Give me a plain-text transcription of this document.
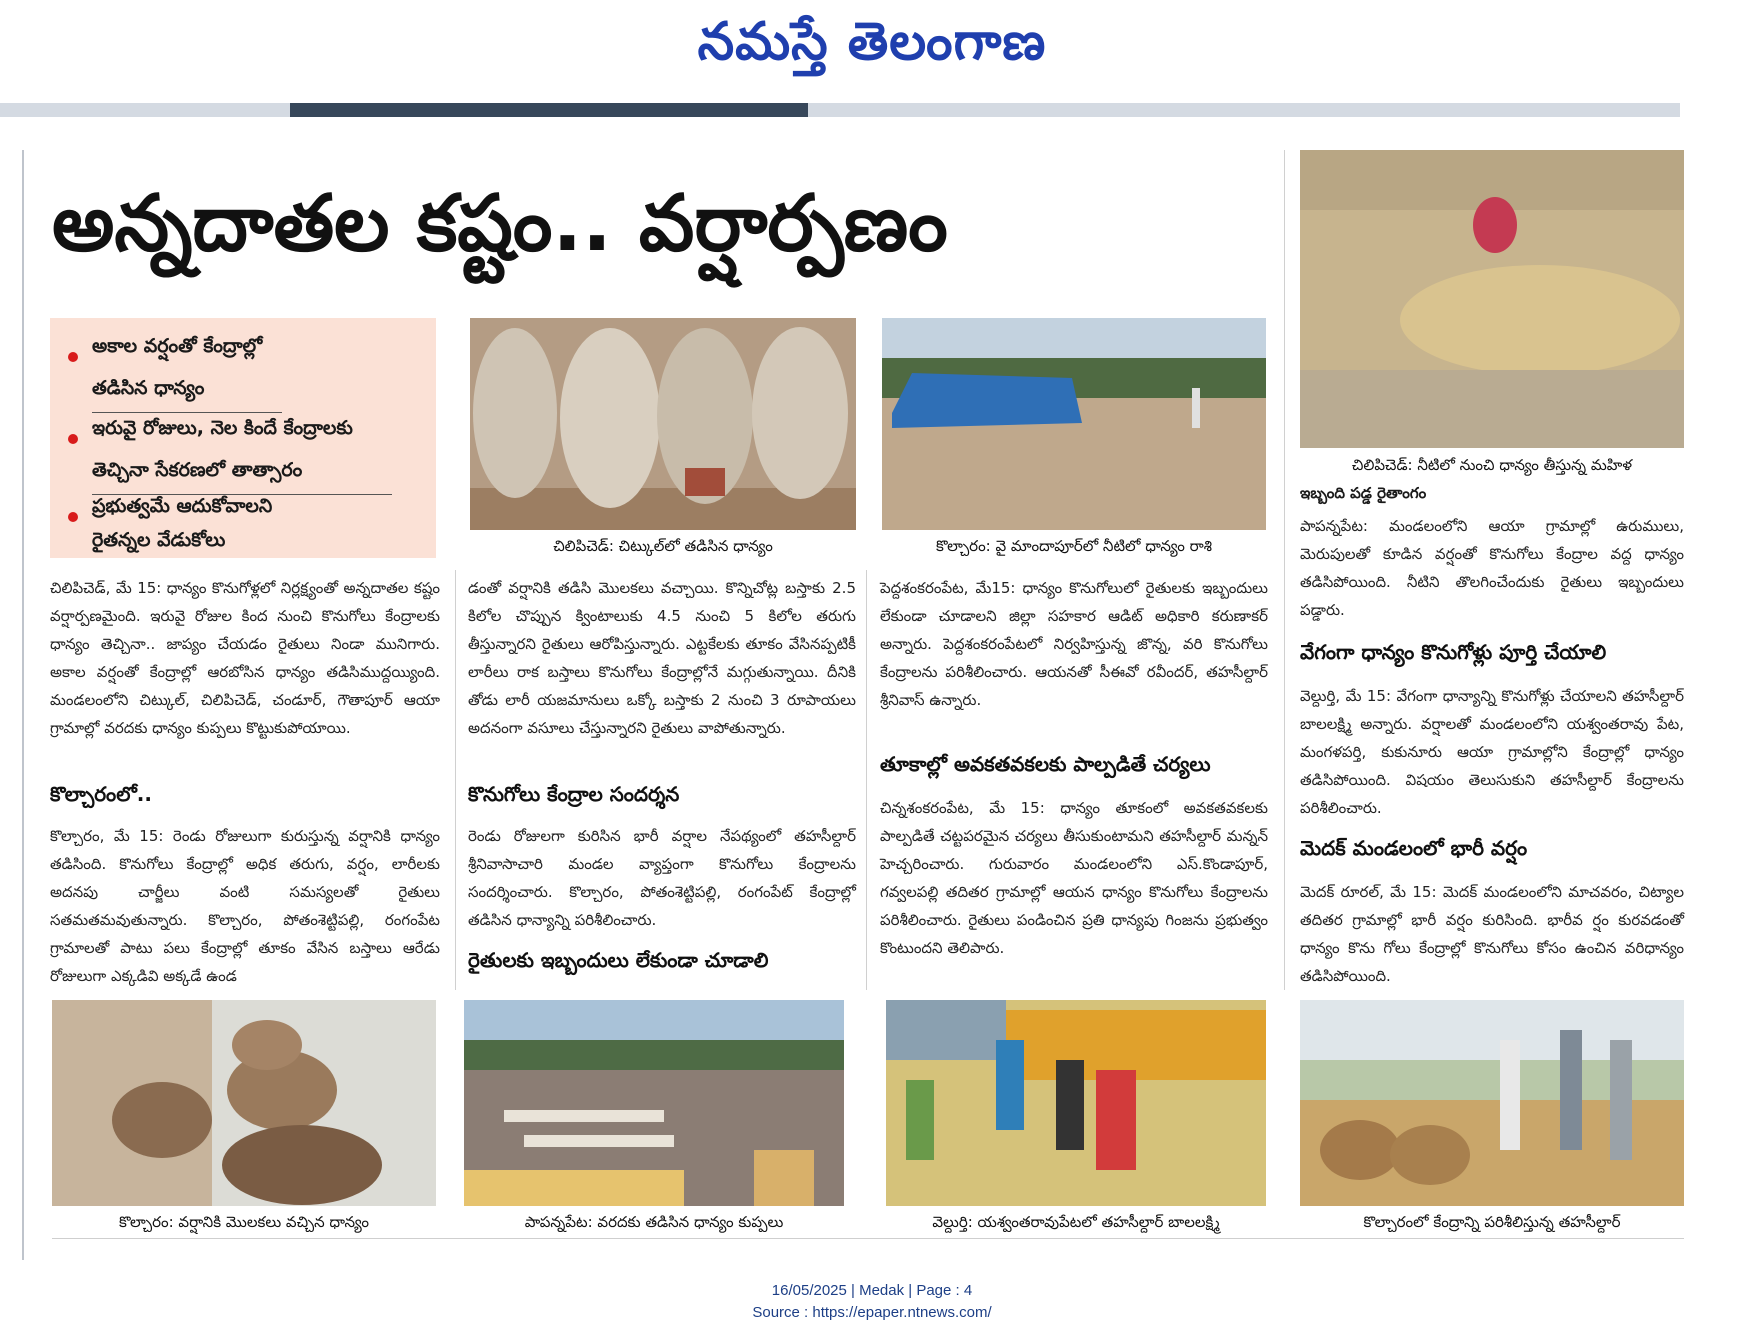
నమస్తే తెలంగాణ
అన్నదాతల కష్టం.. వర్షార్పణం
అకాల వర్షంతో కేంద్రాల్లో
తడిసిన ధాన్యం
ఇరువై రోజులు, నెల కిందే కేంద్రాలకు
తెచ్చినా సేకరణలో తాత్సారం
ప్రభుత్వమే ఆదుకోవాలని
రైతన్నల వేడుకోలు	చిలిపిచెడ్: చిట్కుల్‌లో తడిసిన ధాన్యం	కొల్చారం: వై మాందాపూర్‌లో నీటిలో ధాన్యం రాశి
చిలిపిచెడ్: నీటిలో నుంచి ధాన్యం తీస్తున్న మహిళ
చిలిపిచెడ్, మే 15: ధాన్యం కొనుగోళ్లలో నిర్లక్ష్యంతో అన్నదాతల కష్టం వర్షార్పణమైంది. ఇరువై రోజుల కింద నుంచి కొనుగోలు కేంద్రాలకు ధాన్యం తెచ్చినా.. జాప్యం చేయడం రైతులు నిండా మునిగారు. అకాల వర్షంతో కేంద్రాల్లో ఆరబోసిన ధాన్యం తడిసిముద్దయ్యింది. మండలంలోని చిట్కుల్, చిలిపిచెడ్, చండూర్, గౌతాపూర్ ఆయా గ్రామాల్లో వరదకు ధాన్యం కుప్పలు కొట్టుకుపోయాయి.
కొల్చారంలో..
కొల్చారం, మే 15: రెండు రోజులుగా కురుస్తున్న వర్షానికి ధాన్యం తడిసింది. కొనుగోలు కేంద్రాల్లో అధిక తరుగు, వర్షం, లారీలకు అదనపు చార్జీలు వంటి సమస్యలతో రైతులు సతమతమవుతున్నారు. కొల్చారం, పోతంశెట్టిపల్లి, రంగంపేట గ్రామాలతో పాటు పలు కేంద్రాల్లో తూకం వేసిన బస్తాలు ఆరేడు రోజులుగా ఎక్కడివి అక్కడే ఉండ
డంతో వర్షానికి తడిసి మొలకలు వచ్చాయి. కొన్నిచోట్ల బస్తాకు 2.5 కిలోల చొప్పున క్వింటాలుకు 4.5 నుంచి 5 కిలోల తరుగు తీస్తున్నారని రైతులు ఆరోపిస్తున్నారు. ఎట్టకేలకు తూకం వేసినప్పటికీ లారీలు రాక బస్తాలు కొనుగోలు కేంద్రాల్లోనే మగ్గుతున్నాయి. దీనికి తోడు లారీ యజమానులు ఒక్కో బస్తాకు 2 నుంచి 3 రూపాయలు అదనంగా వసూలు చేస్తున్నారని రైతులు వాపోతున్నారు.
కొనుగోలు కేంద్రాల సందర్శన
రెండు రోజులగా కురిసిన భారీ వర్షాల నేపథ్యంలో తహసీల్దార్ శ్రీనివాసాచారి మండల వ్యాప్తంగా కొనుగోలు కేంద్రాలను సందర్శించారు. కొల్చారం, పోతంశెట్టిపల్లి, రంగంపేట్ కేంద్రాల్లో తడిసిన ధాన్యాన్ని పరిశీలించారు.
రైతులకు ఇబ్బందులు లేకుండా చూడాలి
పెద్దశంకరంపేట, మే15: ధాన్యం కొనుగోలులో రైతులకు ఇబ్బందులు లేకుండా చూడాలని జిల్లా సహకార ఆడిట్ అధికారి కరుణాకర్ అన్నారు. పెద్దశంకరంపేటలో నిర్వహిస్తున్న జొన్న, వరి కొనుగోలు కేంద్రాలను పరిశీలించారు. ఆయనతో సీఈవో రవీందర్, తహసీల్దార్ శ్రీనివాస్ ఉన్నారు.
తూకాల్లో అవకతవకలకు పాల్పడితే చర్యలు
చిన్నశంకరంపేట, మే 15: ధాన్యం తూకంలో అవకతవకలకు పాల్పడితే చట్టపరమైన చర్యలు తీసుకుంటామని తహసీల్దార్ మన్నన్ హెచ్చరించారు. గురువారం మండలంలోని ఎస్.కొండాపూర్, గవ్వలపల్లి తదితర గ్రామాల్లో ఆయన ధాన్యం కొనుగోలు కేంద్రాలను పరిశీలించారు. రైతులు పండించిన ప్రతి ధాన్యపు గింజను ప్రభుత్వం కొంటుందని తెలిపారు.
ఇబ్బంది పడ్డ రైతాంగం
పాపన్నపేట: మండలంలోని ఆయా గ్రామాల్లో ఉరుములు, మెరుపులతో కూడిన వర్షంతో కొనుగోలు కేంద్రాల వద్ద ధాన్యం తడిసిపోయింది. నీటిని తొలగించేందుకు రైతులు ఇబ్బందులు పడ్డారు.
వేగంగా ధాన్యం కొనుగోళ్లు పూర్తి చేయాలి
వెల్దుర్తి, మే 15: వేగంగా ధాన్యాన్ని కొనుగోళ్లు చేయాలని తహసీల్దార్ బాలలక్ష్మి అన్నారు. వర్షాలతో మండలంలోని యశ్వంతరావు పేట, మంగళపర్తి, కుకునూరు ఆయా గ్రామాల్లోని కేంద్రాల్లో ధాన్యం తడిసిపోయింది. విషయం తెలుసుకుని తహసీల్దార్ కేంద్రాలను పరిశీలించారు.
మెదక్ మండలంలో భారీ వర్షం
మెదక్ రూరల్, మే 15: మెదక్ మండలంలోని మాచవరం, చిట్యాల తదితర గ్రామాల్లో భారీ వర్షం కురిసింది. భారీవ ర్షం కురవడంతో ధాన్యం కొను గోలు కేంద్రాల్లో కొనుగోలు కోసం ఉంచిన వరిధాన్యం తడిసిపోయింది.
కొల్చారం: వర్షానికి మొలకలు వచ్చిన ధాన్యం	పాపన్నపేట: వరదకు తడిసిన ధాన్యం కుప్పలు	వెల్దుర్తి: యశ్వంతరావుపేటలో తహసీల్దార్ బాలలక్ష్మి	కొల్చారంలో కేంద్రాన్ని పరిశీలిస్తున్న తహసీల్దార్
16/05/2025 | Medak | Page : 4
Source : https://epaper.ntnews.com/
